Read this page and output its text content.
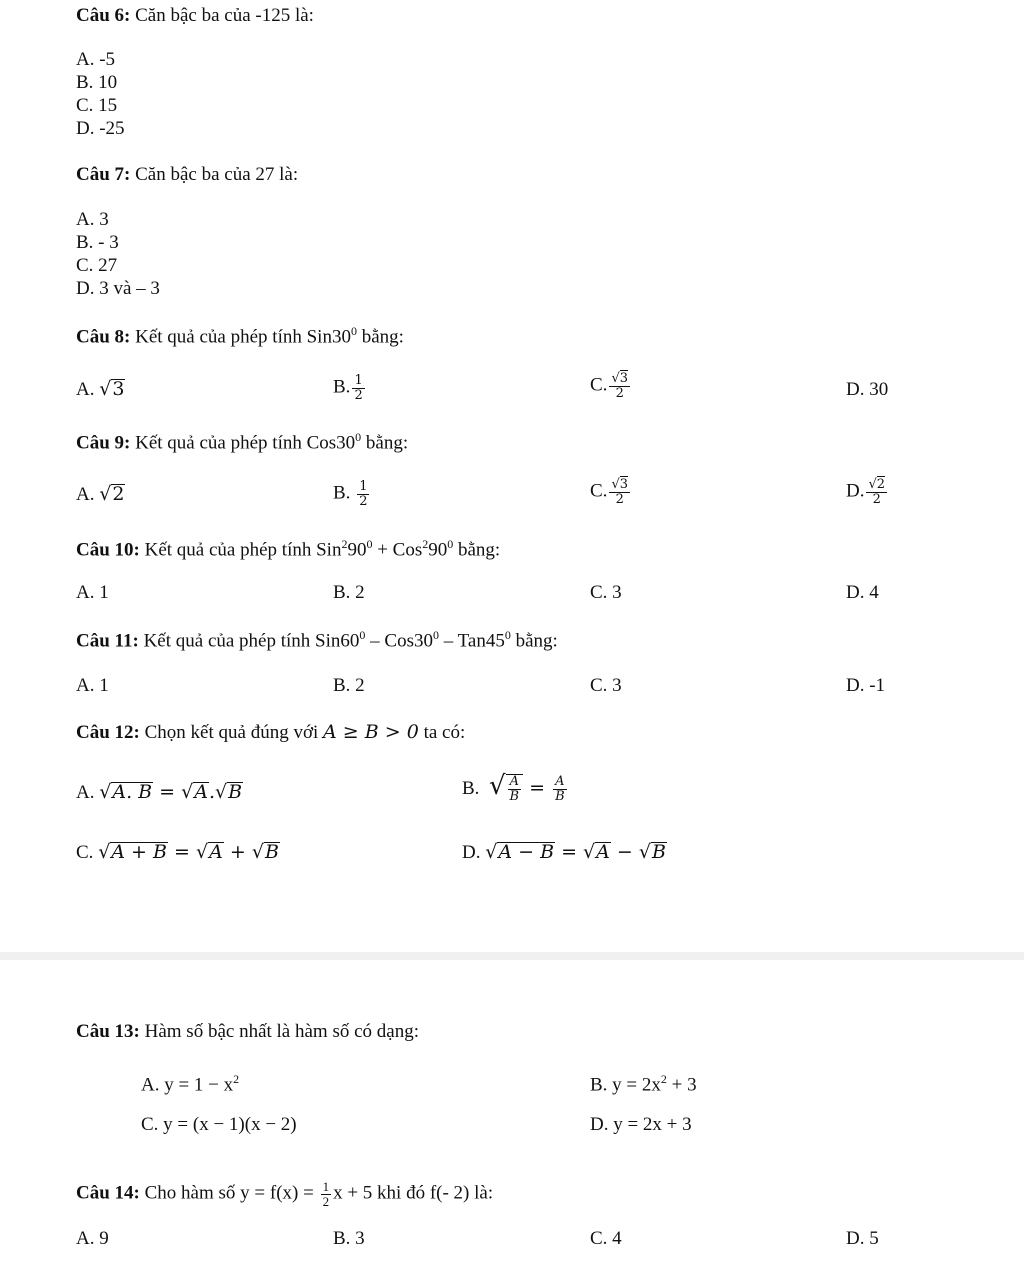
Câu 6: Căn bậc ba của -125 là:
A. -5
B. 10
C. 15
D. -25
Câu 7: Căn bậc ba của 27 là:
A. 3
B. - 3
C. 27
D. 3 và – 3
Câu 8: Kết quả của phép tính $Sin30^0$ bằng:
A. √3	B. $\frac{1}{2}$	C. $\frac{√3}{2}$	D. 30
Câu 9: Kết quả của phép tính $Cos30^0$ bằng:
A. √2	B. $\frac{1}{2}$	C. $\frac{√3}{2}$	D. $\frac{√2}{2}$
Câu 10: Kết quả của phép tính $Sin^290^0 + Cos^290^0$ bằng:
A. 1	B. 2	C. 3	D. 4
Câu 11: Kết quả của phép tính $Sin60^0 - Cos30^0 - Tan45^0$ bằng:
A. 1	B. 2	C. 3	D. -1
Câu 12: Chọn kết quả đúng với A ≥ B > 0 ta có:
A. √A. B = √A.√B	B. √ $\frac{A}{B} = \frac{A}{B}$
C. √A + B = √A + √B	D. √A − B = √A − √B
Câu 13: Hàm số bậc nhất là hàm số có dạng:
A. $y = 1 - x^2$	B. $y = 2x^2 + 3$
C. y = (x − 1)(x − 2)	D. y = 2x + 3
Câu 14: Cho hàm số $y = f(x) = \frac{1}{2}$ x + 5 khi đó f(- 2) là:
A. 9	B. 3	C. 4	D. 5
